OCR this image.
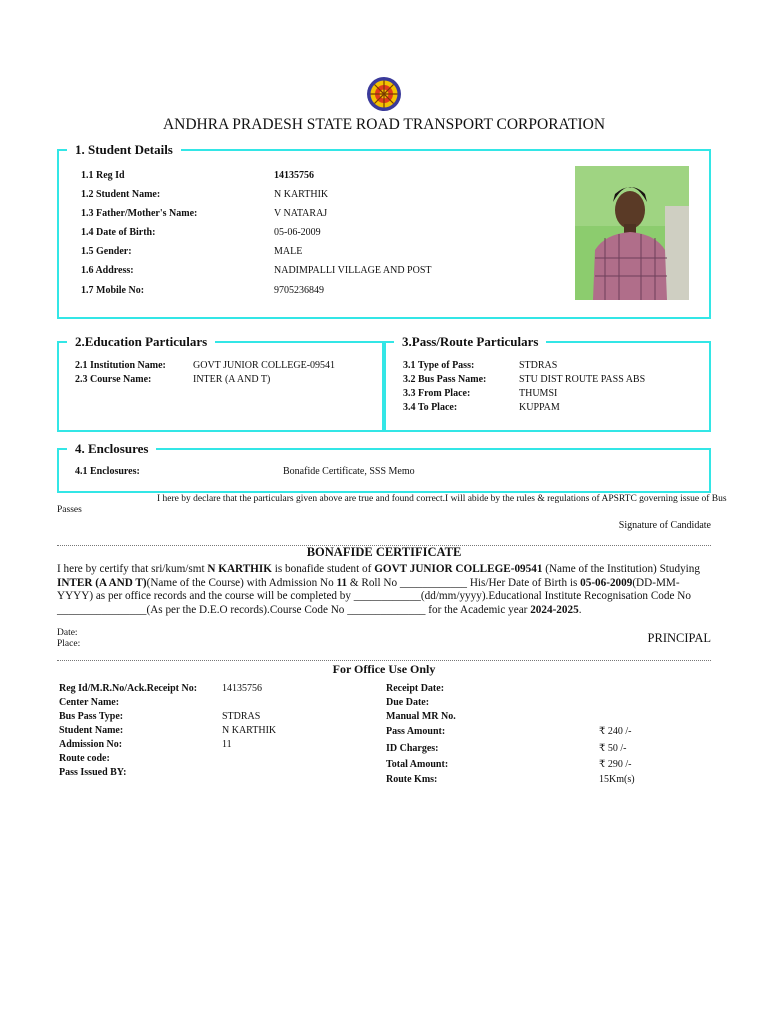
ANDHRA PRADESH STATE ROAD TRANSPORT CORPORATION
1. Student Details
1.1 Reg Id	14135756
1.2 Student Name:	N KARTHIK
1.3 Father/Mother's Name:	V NATARAJ
1.4 Date of Birth:	05-06-2009
1.5 Gender:	MALE
1.6 Address:	NADIMPALLI VILLAGE AND POST
1.7 Mobile No:	9705236849
2.Education Particulars
2.1 Institution Name:	GOVT JUNIOR COLLEGE-09541
2.3 Course Name:	INTER (A AND T)
3.Pass/Route Particulars
3.1 Type of Pass:	STDRAS
3.2 Bus Pass Name:	STU DIST ROUTE PASS ABS
3.3 From Place:	THUMSI
3.4 To Place:	KUPPAM
4. Enclosures
4.1 Enclosures:	Bonafide Certificate, SSS Memo
I here by declare that the particulars given above are true and found correct.I will abide by the rules & regulations of APSRTC governing issue of Bus
Passes
Signature of Candidate
BONAFIDE CERTIFICATE
I here by certify that sri/kum/smt N KARTHIK is bonafide student of GOVT JUNIOR COLLEGE-09541 (Name of the Institution) Studying INTER (A AND T)(Name of the Course) with Admission No 11 & Roll No ____________ His/Her Date of Birth is 05-06-2009(DD-MM-YYYY) as per office records and the course will be completed by ____________(dd/mm/yyyy).Educational Institute Recognisation Code No ________________(As per the D.E.O records).Course Code No ______________ for the Academic year 2024-2025.
Date:
Place:	PRINCIPAL
For Office Use Only
Reg Id/M.R.No/Ack.Receipt No: 14135756
Center Name:
Bus Pass Type:	STDRAS
Student Name:	N KARTHIK
Admission No:	11
Route code:
Pass Issued BY:
Receipt Date:
Due Date:
Manual MR No.
Pass Amount:	₹ 240 /-
ID Charges:	₹ 50 /-
Total Amount:	₹ 290 /-
Route Kms:	15Km(s)
